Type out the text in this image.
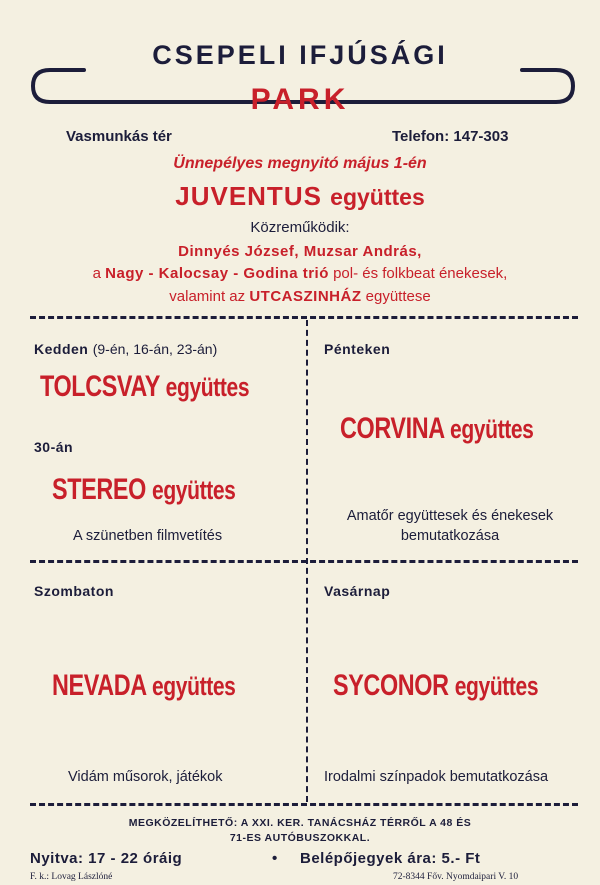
CSEPELI IFJÚSÁGI
PARK
Vasmunkás tér	Telefon: 147-303
Ünnepélyes megnyitó május 1-én
JUVENTUS együttes
Közreműködik:
Dinnyés József, Muzsar András,
a Nagy - Kalocsay - Godina trió pol- és folkbeat énekesek,
valamint az UTCASZINHÁZ együttese
Kedden (9-én, 16-án, 23-án)
TOLCSVAY együttes
30-án
STEREO együttes
A szünetben filmvetítés
Pénteken
CORVINA együttes
Amatőr együttesek és énekesek
bemutatkozása
Szombaton
NEVADA együttes
Vidám műsorok, játékok
Vasárnap
SYCONOR együttes
Irodalmi színpadok bemutatkozása
MEGKÖZELÍTHETŐ: A XXI. KER. TANÁCSHÁZ TÉRRŐL A 48 ÉS
71-ES AUTÓBUSZOKKAL.
Nyitva: 17 - 22 óráig	• Belépőjegyek ára: 5.- Ft
F. k.: Lovag Lászlóné	72-8344 Főv. Nyomdaipari V. 10
